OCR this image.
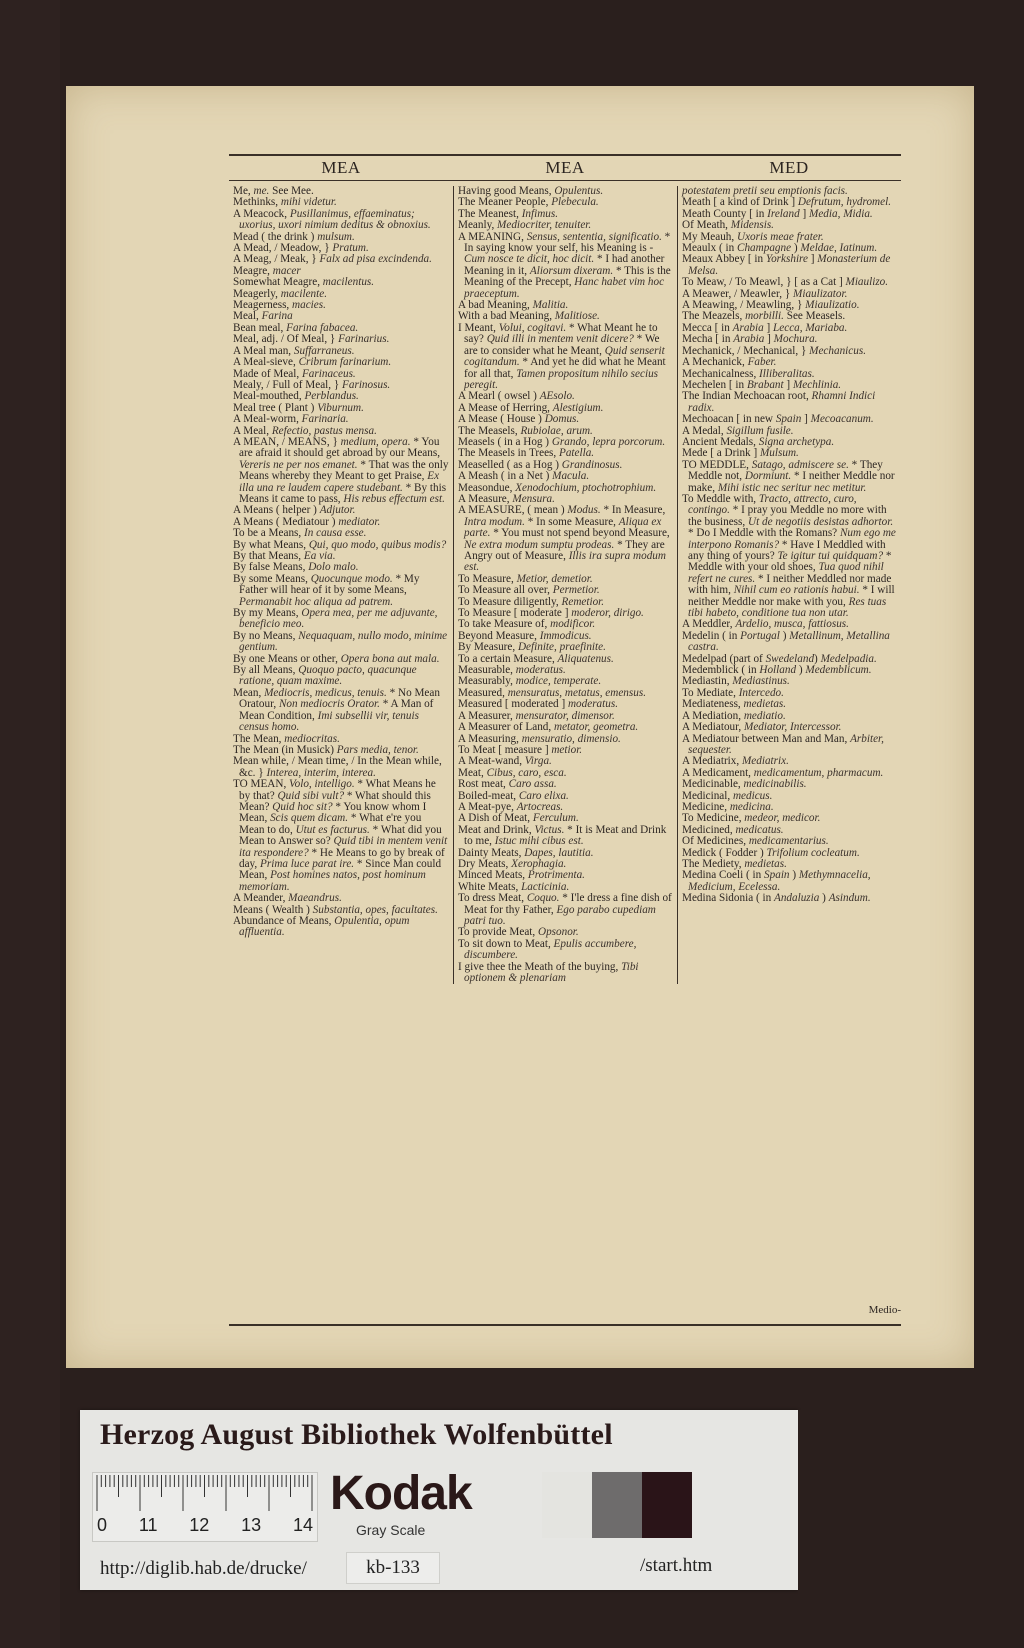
MEA	MEA	MED

Me, me. See Mee.

Methinks, mihi videtur.

A Meacock, Pusillanimus, effaeminatus; uxorius, uxori nimium deditus & obnoxius.

Mead ( the drink ) mulsum.

A Mead, / Meadow, } Pratum.

A Meag, / Meak, } Falx ad pisa excindenda.

Meagre, macer

Somewhat Meagre, macilentus.

Meagerly, macilente.

Meagerness, macies.

Meal, Farina

Bean meal, Farina fabacea.

Meal, adj. / Of Meal, } Farinarius.

A Meal man, Suffarraneus.

A Meal-sieve, Cribrum farinarium.

Made of Meal, Farinaceus.

Mealy, / Full of Meal, } Farinosus.

Meal-mouthed, Perblandus.

Meal tree ( Plant ) Viburnum.

A Meal-worm, Farinaria.

A Meal, Refectio, pastus mensa.

A MEAN, / MEANS, } medium, opera. * You are afraid it should get abroad by our Means, Vereris ne per nos emanet. * That was the only Means whereby they Meant to get Praise, Ex illa una re laudem capere studebant. * By this Means it came to pass, His rebus effectum est.

A Means ( helper ) Adjutor.

A Means ( Mediatour ) mediator.

To be a Means, In causa esse.

By what Means, Qui, quo modo, quibus modis?

By that Means, Ea via.

By false Means, Dolo malo.

By some Means, Quocunque modo. * My Father will hear of it by some Means, Permanabit hoc aliqua ad patrem.

By my Means, Opera mea, per me adjuvante, beneficio meo.

By no Means, Nequaquam, nullo modo, minime gentium.

By one Means or other, Opera bona aut mala.

By all Means, Quoquo pacto, quacunque ratione, quam maxime.

Mean, Mediocris, medicus, tenuis. * No Mean Oratour, Non mediocris Orator. * A Man of Mean Condition, Imi subsellii vir, tenuis census homo.

The Mean, mediocritas.

The Mean (in Musick) Pars media, tenor.

Mean while, / Mean time, / In the Mean while, &c. } Interea, interim, interea.

TO MEAN, Volo, intelligo. * What Means he by that? Quid sibi vult? * What should this Mean? Quid hoc sit? * You know whom I Mean, Scis quem dicam. * What e're you Mean to do, Utut es facturus. * What did you Mean to Answer so? Quid tibi in mentem venit ita respondere? * He Means to go by break of day, Prima luce parat ire. * Since Man could Mean, Post homines natos, post hominum memoriam.

A Meander, Maeandrus.

Means ( Wealth ) Substantia, opes, facultates.

Abundance of Means, Opulentia, opum affluentia.

Having good Means, Opulentus.

The Meaner People, Plebecula.

The Meanest, Infimus.

Meanly, Mediocriter, tenuiter.

A MEANING, Sensus, sententia, significatio. * In saying know your self, his Meaning is - Cum nosce te dicit, hoc dicit. * I had another Meaning in it, Aliorsum dixeram. * This is the Meaning of the Precept, Hanc habet vim hoc praeceptum.

A bad Meaning, Malitia.

With a bad Meaning, Malitiose.

I Meant, Volui, cogitavi. * What Meant he to say? Quid illi in mentem venit dicere? * We are to consider what he Meant, Quid senserit cogitandum. * And yet he did what he Meant for all that, Tamen propositum nihilo secius peregit.

A Mearl ( owsel ) AEsolo.

A Mease of Herring, Alestigium.

A Mease ( House ) Domus.

The Measels, Rubiolae, arum.

Measels ( in a Hog ) Grando, lepra porcorum.

The Measels in Trees, Patella.

Measelled ( as a Hog ) Grandinosus.

A Meash ( in a Net ) Macula.

Measondue, Xenodochium, ptochotrophium.

A Measure, Mensura.

A MEASURE, ( mean ) Modus. * In Measure, Intra modum. * In some Measure, Aliqua ex parte. * You must not spend beyond Measure, Ne extra modum sumptu prodeas. * They are Angry out of Measure, Illis ira supra modum est.

To Measure, Metior, demetior.

To Measure all over, Permetior.

To Measure diligently, Remetior.

To Measure [ moderate ] moderor, dirigo.

To take Measure of, modificor.

Beyond Measure, Immodicus.

By Measure, Definite, praefinite.

To a certain Measure, Aliquatenus.

Measurable, moderatus.

Measurably, modice, temperate.

Measured, mensuratus, metatus, emensus.

Measured [ moderated ] moderatus.

A Measurer, mensurator, dimensor.

A Measurer of Land, metator, geometra.

A Measuring, mensuratio, dimensio.

To Meat [ measure ] metior.

A Meat-wand, Virga.

Meat, Cibus, caro, esca.

Rost meat, Caro assa.

Boiled-meat, Caro elixa.

A Meat-pye, Artocreas.

A Dish of Meat, Ferculum.

Meat and Drink, Victus. * It is Meat and Drink to me, Istuc mihi cibus est.

Dainty Meats, Dapes, lautitia.

Dry Meats, Xerophagia.

Minced Meats, Protrimenta.

White Meats, Lacticinia.

To dress Meat, Coquo. * I'le dress a fine dish of Meat for thy Father, Ego parabo cupediam patri tuo.

To provide Meat, Opsonor.

To sit down to Meat, Epulis accumbere, discumbere.

I give thee the Meath of the buying, Tibi optionem & plenariam

potestatem pretii seu emptionis facis.

Meath [ a kind of Drink ] Defrutum, hydromel.

Meath County [ in Ireland ] Media, Midia.

Of Meath, Midensis.

My Meauh, Uxoris meae frater.

Meaulx ( in Champagne ) Meldae, Iatinum.

Meaux Abbey [ in Yorkshire ] Monasterium de Melsa.

To Meaw, / To Meawl, } [ as a Cat ] Miaulizo.

A Meawer, / Meawler, } Miaulizator.

A Meawing, / Meawling, } Miaulizatio.

The Meazels, morbilli. See Measels.

Mecca [ in Arabia ] Lecca, Mariaba.

Mecha [ in Arabia ] Mochura.

Mechanick, / Mechanical, } Mechanicus.

A Mechanick, Faber.

Mechanicalness, Illiberalitas.

Mechelen [ in Brabant ] Mechlinia.

The Indian Mechoacan root, Rhamni Indici radix.

Mechoacan [ in new Spain ] Mecoacanum.

A Medal, Sigillum fusile.

Ancient Medals, Signa archetypa.

Mede [ a Drink ] Mulsum.

TO MEDDLE, Satago, admiscere se. * They Meddle not, Dormiunt. * I neither Meddle nor make, Mihi istic nec seritur nec metitur.

To Meddle with, Tracto, attrecto, curo, contingo. * I pray you Meddle no more with the business, Ut de negotiis desistas adhortor. * Do I Meddle with the Romans? Num ego me interpono Romanis? * Have I Meddled with any thing of yours? Te igitur tui quidquam? * Meddle with your old shoes, Tua quod nihil refert ne cures. * I neither Meddled nor made with him, Nihil cum eo rationis habui. * I will neither Meddle nor make with you, Res tuas tibi habeto, conditione tua non utar.

A Meddler, Ardelio, musca, fattiosus.

Medelin ( in Portugal ) Metallinum, Metallina castra.

Medelpad (part of Swedeland) Medelpadia.

Medemblick ( in Holland ) Medemblicum.

Mediastin, Mediastinus.

To Mediate, Intercedo.

Mediateness, medietas.

A Mediation, mediatio.

A Mediatour, Mediator, Intercessor.

A Mediatour between Man and Man, Arbiter, sequester.

A Mediatrix, Mediatrix.

A Medicament, medicamentum, pharmacum.

Medicinable, medicinabilis.

Medicinal, medicus.

Medicine, medicina.

To Medicine, medeor, medicor.

Medicined, medicatus.

Of Medicines, medicamentarius.

Medick ( Fodder ) Trifolium cocleatum.

The Mediety, medietas.

Medina Coeli ( in Spain ) Methymnacelia, Medicium, Ecelessa.

Medina Sidonia ( in Andaluzia ) Asindum.

Medio-
Herzog August Bibliothek Wolfenbüttel
0 11 12 13 14
Kodak
Gray Scale
http://diglib.hab.de/drucke/	kb-133	/start.htm
